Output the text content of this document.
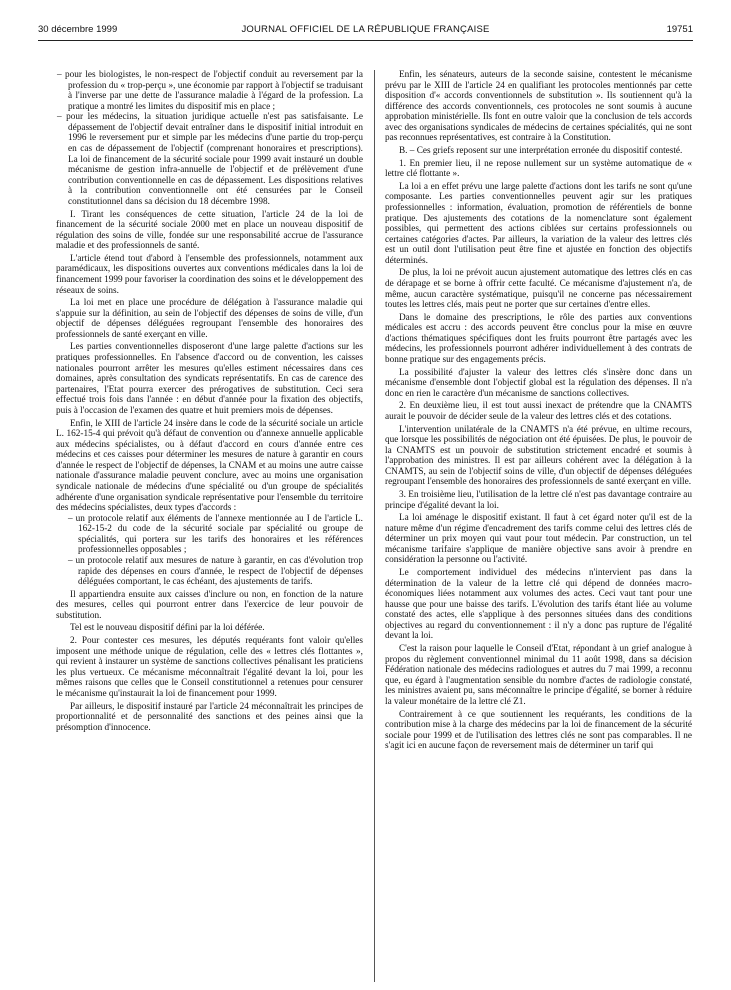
30 décembre 1999	JOURNAL OFFICIEL DE LA RÉPUBLIQUE FRANÇAISE	19751

– pour les biologistes, le non-respect de l'objectif conduit au reversement par la profession du « trop-perçu », une économie par rapport à l'objectif se traduisant à l'inverse par une dette de l'assurance maladie à l'égard de la profession. La pratique a montré les limites du dispositif mis en place ;

– pour les médecins, la situation juridique actuelle n'est pas satisfaisante. Le dépassement de l'objectif devait entraîner dans le dispositif initial introduit en 1996 le reversement pur et simple par les médecins d'une partie du trop-perçu en cas de dépassement de l'objectif (comprenant honoraires et prescriptions). La loi de financement de la sécurité sociale pour 1999 avait instauré un double mécanisme de gestion infra-annuelle de l'objectif et de prélèvement d'une contribution conventionnelle en cas de dépassement. Les dispositions relatives à la contribution conventionnelle ont été censurées par le Conseil constitutionnel dans sa décision du 18 décembre 1998.

I. Tirant les conséquences de cette situation, l'article 24 de la loi de financement de la sécurité sociale 2000 met en place un nouveau dispositif de régulation des soins de ville, fondée sur une responsabilité accrue de l'assurance maladie et des professionnels de santé.

L'article étend tout d'abord à l'ensemble des professionnels, notamment aux paramédicaux, les dispositions ouvertes aux conventions médicales dans la loi de financement 1999 pour favoriser la coordination des soins et le développement des réseaux de soins.

La loi met en place une procédure de délégation à l'assurance maladie qui s'appuie sur la définition, au sein de l'objectif des dépenses de soins de ville, d'un objectif de dépenses déléguées regroupant l'ensemble des honoraires des professionnels de santé exerçant en ville.

Les parties conventionnelles disposeront d'une large palette d'actions sur les pratiques professionnelles. En l'absence d'accord ou de convention, les caisses nationales pourront arrêter les mesures qu'elles estiment nécessaires dans ces domaines, après consultation des syndicats représentatifs. En cas de carence des partenaires, l'Etat pourra exercer des prérogatives de substitution. Ceci sera effectué trois fois dans l'année : en début d'année pour la fixation des objectifs, puis à l'occasion de l'examen des quatre et huit premiers mois de dépenses.

Enfin, le XIII de l'article 24 insère dans le code de la sécurité sociale un article L. 162-15-4 qui prévoit qu'à défaut de convention ou d'annexe annuelle applicable aux médecins spécialistes, ou à défaut d'accord en cours d'année entre ces médecins et ces caisses pour déterminer les mesures de nature à garantir en cours d'année le respect de l'objectif de dépenses, la CNAM et au moins une autre caisse nationale d'assurance maladie peuvent conclure, avec au moins une organisation syndicale nationale de médecins d'une spécialité ou d'un groupe de spécialités adhérente d'une organisation syndicale représentative pour l'ensemble du territoire des médecins spécialistes, deux types d'accords :

– un protocole relatif aux éléments de l'annexe mentionnée au I de l'article L. 162-15-2 du code de la sécurité sociale par spécialité ou groupe de spécialités, qui portera sur les tarifs des honoraires et les références professionnelles opposables ;

– un protocole relatif aux mesures de nature à garantir, en cas d'évolution trop rapide des dépenses en cours d'année, le respect de l'objectif de dépenses déléguées comportant, le cas échéant, des ajustements de tarifs.

Il appartiendra ensuite aux caisses d'inclure ou non, en fonction de la nature des mesures, celles qui pourront entrer dans l'exercice de leur pouvoir de substitution.

Tel est le nouveau dispositif défini par la loi déférée.

2. Pour contester ces mesures, les députés requérants font valoir qu'elles imposent une méthode unique de régulation, celle des « lettres clés flottantes », qui revient à instaurer un système de sanctions collectives pénalisant les praticiens les plus vertueux. Ce mécanisme méconnaîtrait l'égalité devant la loi, pour les mêmes raisons que celles que le Conseil constitutionnel a retenues pour censurer le mécanisme qu'instaurait la loi de financement pour 1999.

Par ailleurs, le dispositif instauré par l'article 24 méconnaîtrait les principes de proportionnalité et de personnalité des sanctions et des peines ainsi que la présomption d'innocence.

Enfin, les sénateurs, auteurs de la seconde saisine, contestent le mécanisme prévu par le XIII de l'article 24 en qualifiant les protocoles mentionnés par cette disposition d'« accords conventionnels de substitution ». Ils soutiennent qu'à la différence des accords conventionnels, ces protocoles ne sont soumis à aucune approbation ministérielle. Ils font en outre valoir que la conclusion de tels accords avec des organisations syndicales de médecins de certaines spécialités, qui ne sont pas reconnues représentatives, est contraire à la Constitution.

B. – Ces griefs reposent sur une interprétation erronée du dispositif contesté.

1. En premier lieu, il ne repose nullement sur un système automatique de « lettre clé flottante ».

La loi a en effet prévu une large palette d'actions dont les tarifs ne sont qu'une composante. Les parties conventionnelles peuvent agir sur les pratiques professionnelles : information, évaluation, promotion de référentiels de bonne pratique. Des ajustements des cotations de la nomenclature sont également possibles, qui permettent des actions ciblées sur certains professionnels ou certaines catégories d'actes. Par ailleurs, la variation de la valeur des lettres clés est un outil dont l'utilisation peut être fine et ajustée en fonction des objectifs déterminés.

De plus, la loi ne prévoit aucun ajustement automatique des lettres clés en cas de dérapage et se borne à offrir cette faculté. Ce mécanisme d'ajustement n'a, de même, aucun caractère systématique, puisqu'il ne concerne pas nécessairement toutes les lettres clés, mais peut ne porter que sur certaines d'entre elles.

Dans le domaine des prescriptions, le rôle des parties aux conventions médicales est accru : des accords peuvent être conclus pour la mise en œuvre d'actions thématiques spécifiques dont les fruits pourront être partagés avec les médecins, les professionnels pourront adhérer individuellement à des contrats de bonne pratique sur des engagements précis.

La possibilité d'ajuster la valeur des lettres clés s'insère donc dans un mécanisme d'ensemble dont l'objectif global est la régulation des dépenses. Il n'a donc en rien le caractère d'un mécanisme de sanctions collectives.

2. En deuxième lieu, il est tout aussi inexact de prétendre que la CNAMTS aurait le pouvoir de décider seule de la valeur des lettres clés et des cotations.

L'intervention unilatérale de la CNAMTS n'a été prévue, en ultime recours, que lorsque les possibilités de négociation ont été épuisées. De plus, le pouvoir de la CNAMTS est un pouvoir de substitution strictement encadré et soumis à l'approbation des ministres. Il est par ailleurs cohérent avec la délégation à la CNAMTS, au sein de l'objectif soins de ville, d'un objectif de dépenses déléguées regroupant l'ensemble des honoraires des professionnels de santé exerçant en ville.

3. En troisième lieu, l'utilisation de la lettre clé n'est pas davantage contraire au principe d'égalité devant la loi.

La loi aménage le dispositif existant. Il faut à cet égard noter qu'il est de la nature même d'un régime d'encadrement des tarifs comme celui des lettres clés de déterminer un prix moyen qui vaut pour tout médecin. Par construction, un tel mécanisme tarifaire s'applique de manière objective sans avoir à prendre en considération la personne ou l'activité.

Le comportement individuel des médecins n'intervient pas dans la détermination de la valeur de la lettre clé qui dépend de données macro-économiques liées notamment aux volumes des actes. Ceci vaut tant pour une hausse que pour une baisse des tarifs. L'évolution des tarifs étant liée au volume constaté des actes, elle s'applique à des personnes situées dans des conditions objectives au regard du conventionnement : il n'y a donc pas rupture de l'égalité devant la loi.

C'est la raison pour laquelle le Conseil d'Etat, répondant à un grief analogue à propos du règlement conventionnel minimal du 11 août 1998, dans sa décision Fédération nationale des médecins radiologues et autres du 7 mai 1999, a reconnu que, eu égard à l'augmentation sensible du nombre d'actes de radiologie constaté, les ministres avaient pu, sans méconnaître le principe d'égalité, se borner à réduire la valeur monétaire de la lettre clé Z1.

Contrairement à ce que soutiennent les requérants, les conditions de la contribution mise à la charge des médecins par la loi de financement de la sécurité sociale pour 1999 et de l'utilisation des lettres clés ne sont pas comparables. Il ne s'agit ici en aucune façon de reversement mais de déterminer un tarif qui
